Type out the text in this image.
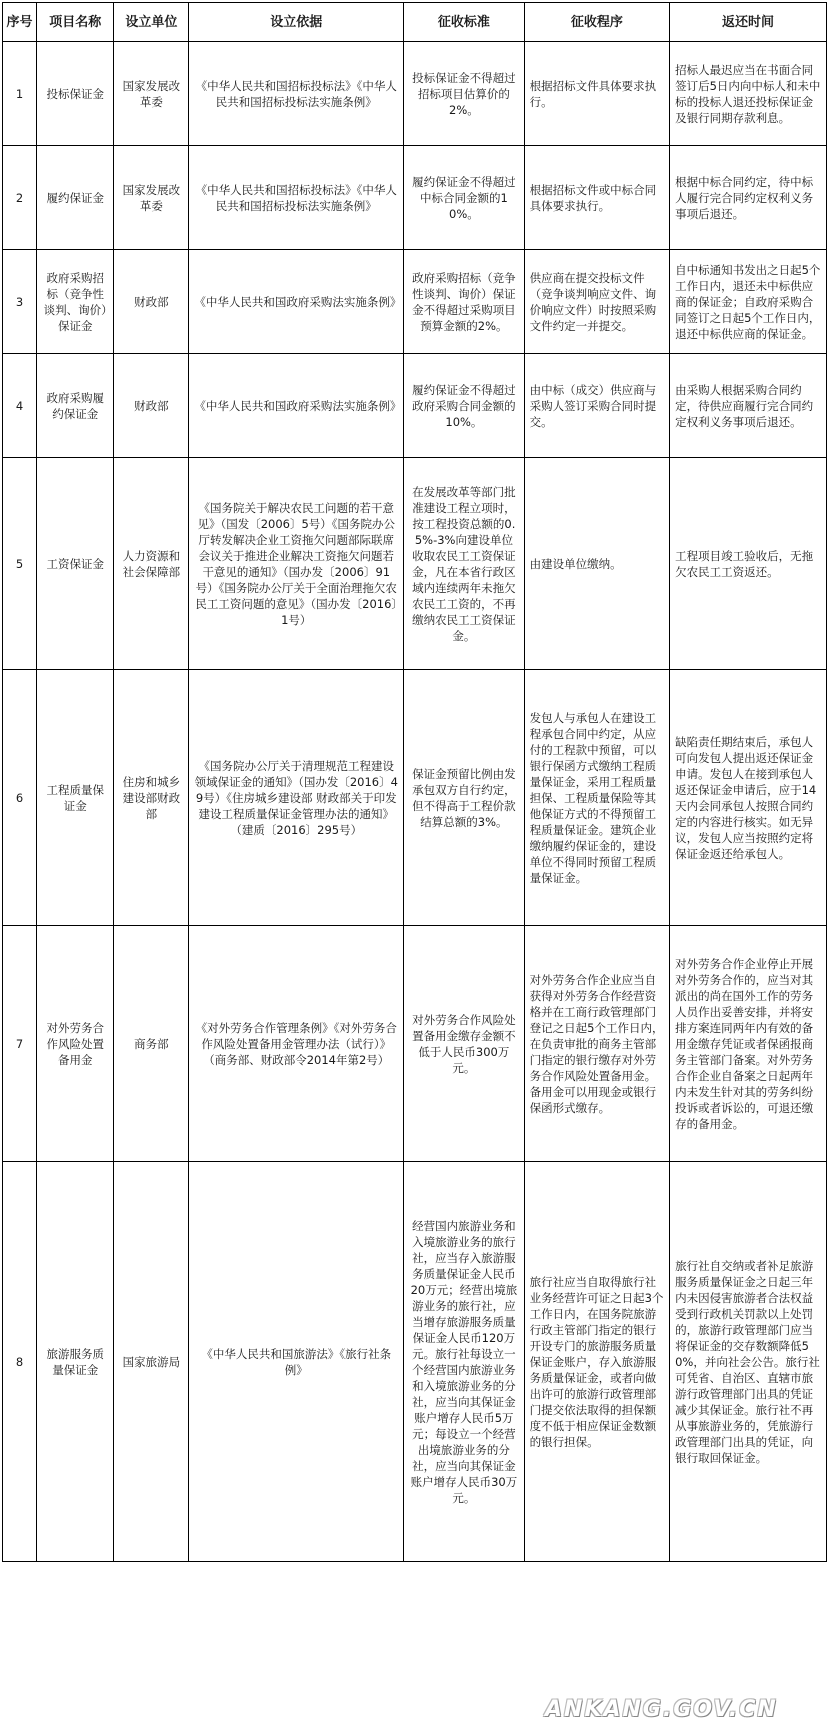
序号	项目名称	设立单位	设立依据	征收标准	征收程序	返还时间
1	投标保证金	国家发展改革委	《中华人民共和国招标投标法》《中华人民共和国招标投标法实施条例》	投标保证金不得超过招标项目估算价的2%。	根据招标文件具体要求执行。	招标人最迟应当在书面合同签订后5日内向中标人和未中标的投标人退还投标保证金及银行同期存款利息。
2	履约保证金	国家发展改革委	《中华人民共和国招标投标法》《中华人民共和国招标投标法实施条例》	履约保证金不得超过中标合同金额的10%。	根据招标文件或中标合同具体要求执行。	根据中标合同约定，待中标人履行完合同约定权利义务事项后退还。
3	政府采购招标（竞争性谈判、询价）保证金	财政部	《中华人民共和国政府采购法实施条例》	政府采购招标（竞争性谈判、询价）保证金不得超过采购项目预算金额的2%。	供应商在提交投标文件（竞争谈判响应文件、询价响应文件）时按照采购文件约定一并提交。	自中标通知书发出之日起5个工作日内，退还未中标供应商的保证金；自政府采购合同签订之日起5个工作日内，退还中标供应商的保证金。
4	政府采购履约保证金	财政部	《中华人民共和国政府采购法实施条例》	履约保证金不得超过政府采购合同金额的10%。	由中标（成交）供应商与采购人签订采购合同时提交。	由采购人根据采购合同约定，待供应商履行完合同约定权利义务事项后退还。
5	工资保证金	人力资源和社会保障部	《国务院关于解决农民工问题的若干意见》（国发〔2006〕5号）《国务院办公厅转发解决企业工资拖欠问题部际联席会议关于推进企业解决工资拖欠问题若干意见的通知》（国办发〔2006〕91号）《国务院办公厅关于全面治理拖欠农民工工资问题的意见》（国办发〔2016〕1号）	在发展改革等部门批准建设工程立项时，按工程投资总额的0.5%-3%向建设单位收取农民工工资保证金，凡在本省行政区域内连续两年未拖欠农民工工资的，不再缴纳农民工工资保证金。	由建设单位缴纳。	工程项目竣工验收后，无拖欠农民工工资返还。
6	工程质量保证金	住房和城乡建设部财政部	《国务院办公厅关于清理规范工程建设领域保证金的通知》（国办发〔2016〕49号）《住房城乡建设部 财政部关于印发建设工程质量保证金管理办法的通知》（建质〔2016〕295号）	保证金预留比例由发承包双方自行约定，但不得高于工程价款结算总额的3%。	发包人与承包人在建设工程承包合同中约定，从应付的工程款中预留，可以银行保函方式缴纳工程质量保证金，采用工程质量担保、工程质量保险等其他保证方式的不得预留工程质量保证金。建筑企业缴纳履约保证金的，建设单位不得同时预留工程质量保证金。	缺陷责任期结束后，承包人可向发包人提出返还保证金申请。发包人在接到承包人返还保证金申请后，应于14天内会同承包人按照合同约定的内容进行核实。如无异议，发包人应当按照约定将保证金返还给承包人。
7	对外劳务合作风险处置备用金	商务部	《对外劳务合作管理条例》《对外劳务合作风险处置备用金管理办法（试行）》（商务部、财政部令2014年第2号）	对外劳务合作风险处置备用金缴存金额不低于人民币300万元。	对外劳务合作企业应当自获得对外劳务合作经营资格并在工商行政管理部门登记之日起5个工作日内，在负责审批的商务主管部门指定的银行缴存对外劳务合作风险处置备用金。备用金可以用现金或银行保函形式缴存。	对外劳务合作企业停止开展对外劳务合作的，应当对其派出的尚在国外工作的劳务人员作出妥善安排，并将安排方案连同两年内有效的备用金缴存凭证或者保函报商务主管部门备案。对外劳务合作企业自备案之日起两年内未发生针对其的劳务纠纷投诉或者诉讼的，可退还缴存的备用金。
8	旅游服务质量保证金	国家旅游局	《中华人民共和国旅游法》《旅行社条例》	经营国内旅游业务和入境旅游业务的旅行社，应当存入旅游服务质量保证金人民币20万元；经营出境旅游业务的旅行社，应当增存旅游服务质量保证金人民币120万元。旅行社每设立一个经营国内旅游业务和入境旅游业务的分社，应当向其保证金账户增存人民币5万元；每设立一个经营出境旅游业务的分社，应当向其保证金账户增存人民币30万元。	旅行社应当自取得旅行社业务经营许可证之日起3个工作日内，在国务院旅游行政主管部门指定的银行开设专门的旅游服务质量保证金账户，存入旅游服务质量保证金，或者向做出许可的旅游行政管理部门提交依法取得的担保额度不低于相应保证金数额的银行担保。	旅行社自交纳或者补足旅游服务质量保证金之日起三年内未因侵害旅游者合法权益受到行政机关罚款以上处罚的，旅游行政管理部门应当将保证金的交存数额降低50%，并向社会公告。旅行社可凭省、自治区、直辖市旅游行政管理部门出具的凭证减少其保证金。旅行社不再从事旅游业务的，凭旅游行政管理部门出具的凭证，向银行取回保证金。
ANKANG.GOV.CN
